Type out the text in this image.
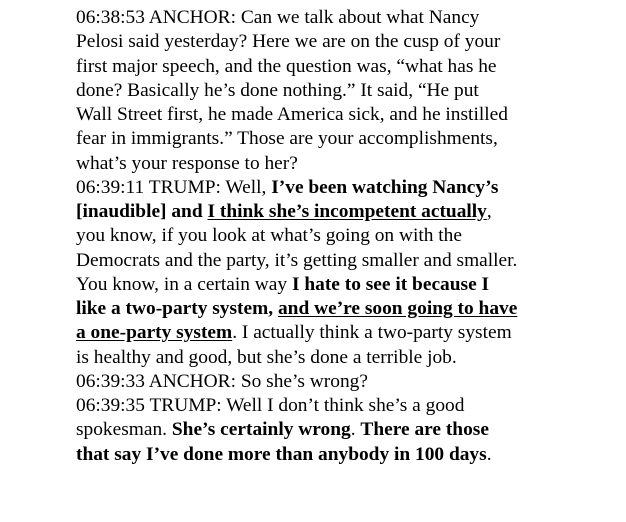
06:38:53 ANCHOR: Can we talk about what Nancy
Pelosi said yesterday? Here we are on the cusp of your
first major speech, and the question was, “what has he
done? Basically he’s done nothing.” It said, “He put
Wall Street first, he made America sick, and he instilled
fear in immigrants.” Those are your accomplishments,
what’s your response to her?
06:39:11 TRUMP: Well, I’ve been watching Nancy’s
[inaudible] and I think she’s incompetent actually,
you know, if you look at what’s going on with the
Democrats and the party, it’s getting smaller and smaller.
You know, in a certain way I hate to see it because I
like a two-party system, and we’re soon going to have
a one-party system. I actually think a two-party system
is healthy and good, but she’s done a terrible job.
06:39:33 ANCHOR: So she’s wrong?
06:39:35 TRUMP: Well I don’t think she’s a good
spokesman. She’s certainly wrong. There are those
that say I’ve done more than anybody in 100 days.
